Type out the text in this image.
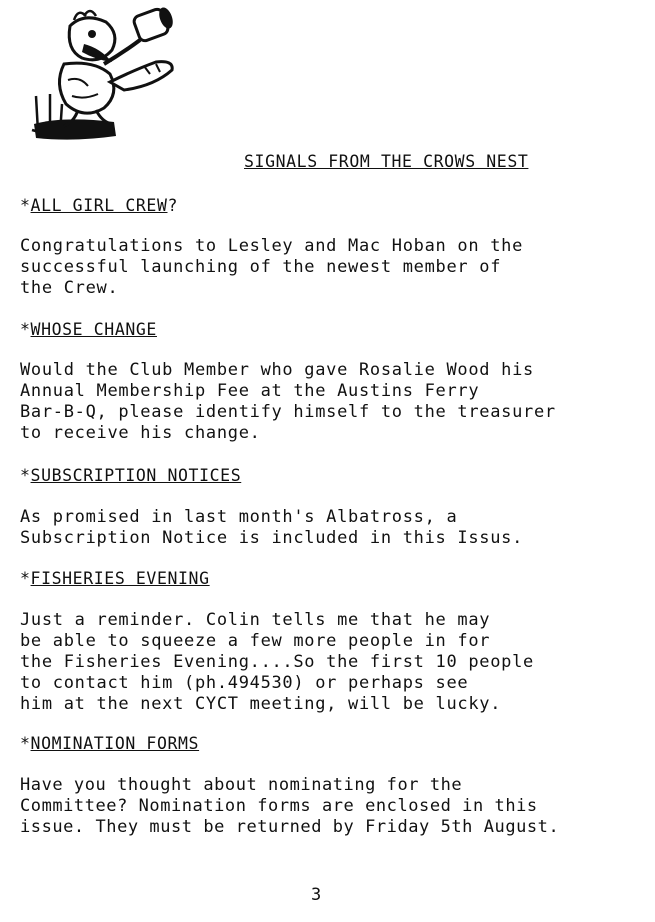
SIGNALS FROM THE CROWS NEST
*ALL GIRL CREW?
Congratulations to Lesley and Mac Hoban on the
successful launching of the newest member of
the Crew.
*WHOSE CHANGE
Would the Club Member who gave Rosalie Wood his
Annual Membership Fee at the Austins Ferry
Bar-B-Q, please identify himself to the treasurer
to receive his change.
*SUBSCRIPTION NOTICES
As promised in last month's Albatross, a
Subscription Notice is included in this Issus.
*FISHERIES EVENING
Just a reminder. Colin tells me that he may
be able to squeeze a few more people in for
the Fisheries Evening....So the first 10 people
to contact him (ph.494530) or perhaps see
him at the next CYCT meeting, will be lucky.
*NOMINATION FORMS
Have you thought about nominating for the
Committee? Nomination forms are enclosed in this
issue. They must be returned by Friday 5th August.
3
